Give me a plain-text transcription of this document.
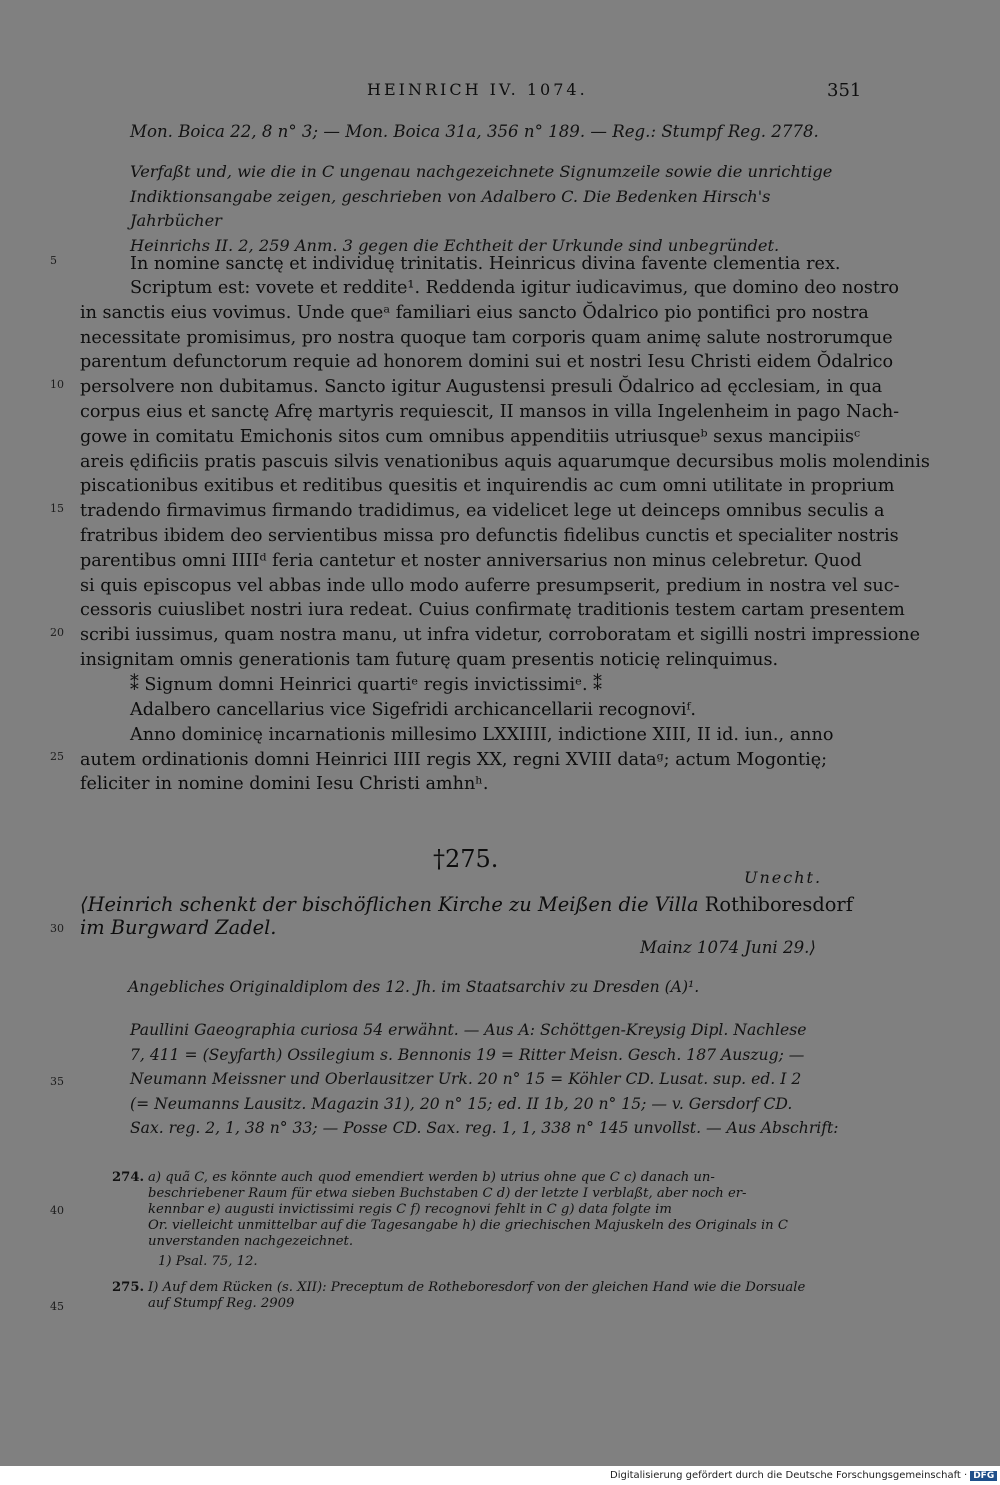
HEINRICH IV. 1074.	351
Mon. Boica 22, 8 n° 3; — Mon. Boica 31a, 356 n° 189. — Reg.: Stumpf Reg. 2778.
Verfaßt und, wie die in C ungenau nachgezeichnete Signumzeile sowie die unrichtige
Indiktionsangabe zeigen, geschrieben von Adalbero C. Die Bedenken Hirsch's Jahrbücher
Heinrichs II. 2, 259 Anm. 3 gegen die Echtheit der Urkunde sind unbegründet.
5
10
15
20
25
In nomine sanctę et individuę trinitatis. Heinricus divina favente clementia rex.
Scriptum est: vovete et reddite¹. Reddenda igitur iudicavimus, que domino deo nostro
in sanctis eius vovimus. Unde queᵃ familiari eius sancto Ŏdalrico pio pontifici pro nostra
necessitate promisimus, pro nostra quoque tam corporis quam animę salute nostrorumque
parentum defunctorum requie ad honorem domini sui et nostri Iesu Christi eidem Ŏdalrico
persolvere non dubitamus. Sancto igitur Augustensi presuli Ŏdalrico ad ęcclesiam, in qua
corpus eius et sanctę Afrę martyris requiescit, II mansos in villa Ingelenheim in pago Nach-
gowe in comitatu Emichonis sitos cum omnibus appenditiis utriusqueᵇ sexus mancipiisᶜ
areis ędificiis pratis pascuis silvis venationibus aquis aquarumque decursibus molis molendinis
piscationibus exitibus et reditibus quesitis et inquirendis ac cum omni utilitate in proprium
tradendo firmavimus firmando tradidimus, ea videlicet lege ut deinceps omnibus seculis a
fratribus ibidem deo servientibus missa pro defunctis fidelibus cunctis et specialiter nostris
parentibus omni IIIIᵈ feria cantetur et noster anniversarius non minus celebretur. Quod
si quis episcopus vel abbas inde ullo modo auferre presumpserit, predium in nostra vel suc-
cessoris cuiuslibet nostri iura redeat. Cuius confirmatę traditionis testem cartam presentem
scribi iussimus, quam nostra manu, ut infra videtur, corroboratam et sigilli nostri impressione
insignitam omnis generationis tam futurę quam presentis noticię relinquimus.
⁑ Signum domni Heinrici quartiᵉ regis invictissimiᵉ. ⁑
Adalbero cancellarius vice Sigefridi archicancellarii recognoviᶠ.
Anno dominicę incarnationis millesimo LXXIIII, indictione XIII, II id. iun., anno
autem ordinationis domni Heinrici IIII regis XX, regni XVIII dataᵍ; actum Mogontię;
feliciter in nomine domini Iesu Christi amhnʰ.
†275.
Unecht.
⟨Heinrich schenkt der bischöflichen Kirche zu Meißen die Villa Rothiboresdorf
30 im Burgward Zadel.
Mainz 1074 Juni 29.⟩
Angebliches Originaldiplom des 12. Jh. im Staatsarchiv zu Dresden (A)¹.
Paullini Gaeographia curiosa 54 erwähnt. — Aus A: Schöttgen-Kreysig Dipl. Nachlese
7, 411 = (Seyfarth) Ossilegium s. Bennonis 19 = Ritter Meisn. Gesch. 187 Auszug; —
Neumann Meissner und Oberlausitzer Urk. 20 n° 15 = Köhler CD. Lusat. sup. ed. I 2
(= Neumanns Lausitz. Magazin 31), 20 n° 15; ed. II 1b, 20 n° 15; — v. Gersdorf CD.
Sax. reg. 2, 1, 38 n° 33; — Posse CD. Sax. reg. 1, 1, 338 n° 145 unvollst. — Aus Abschrift:
35
274. a) quã C, es könnte auch quod emendiert werden b) utrius ohne que C c) danach un-
beschriebener Raum für etwa sieben Buchstaben C d) der letzte I verblaßt, aber noch er-
kennbar e) augusti invictissimi regis C f) recognovi fehlt in C g) data folgte im
Or. vielleicht unmittelbar auf die Tagesangabe h) die griechischen Majuskeln des Originals in C
unverstanden nachgezeichnet.
1) Psal. 75, 12.
40
275. I) Auf dem Rücken (s. XII): Preceptum de Rotheboresdorf von der gleichen Hand wie die Dorsuale
auf Stumpf Reg. 2909
45
Digitalisierung gefördert durch die Deutsche Forschungsgemeinschaft · DFG
